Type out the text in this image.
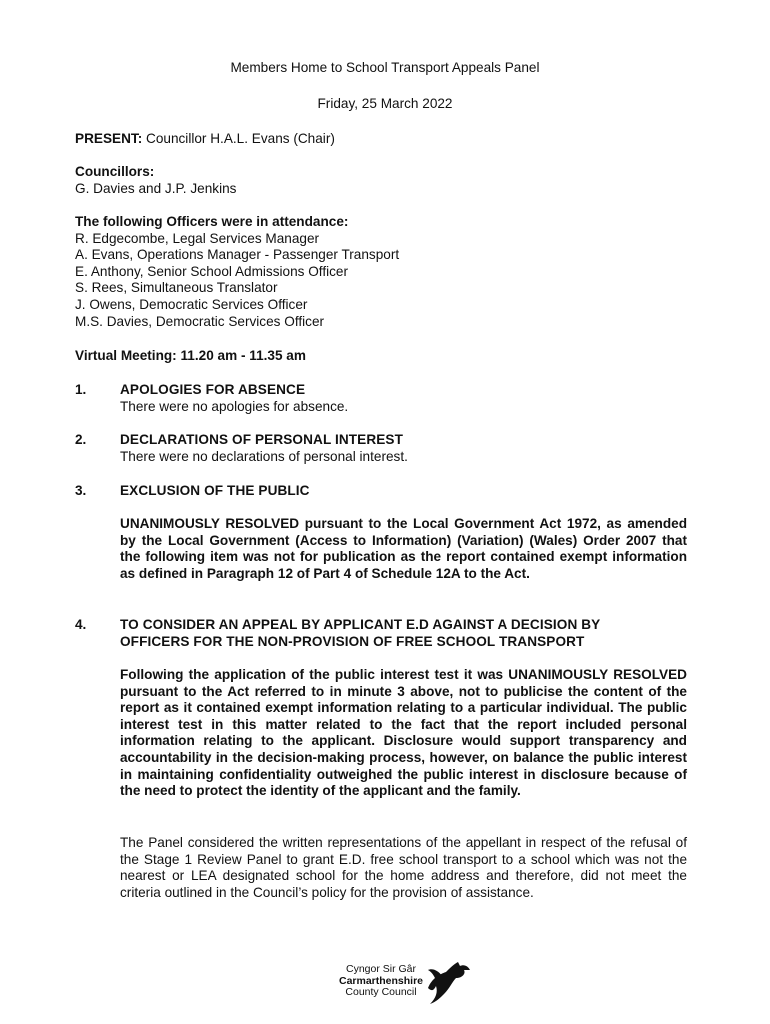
Members Home to School Transport Appeals Panel
Friday, 25 March 2022
PRESENT: Councillor H.A.L. Evans (Chair)
Councillors:
G. Davies and J.P. Jenkins
The following Officers were in attendance:
R. Edgecombe, Legal Services Manager
A. Evans, Operations Manager - Passenger Transport
E. Anthony, Senior School Admissions Officer
S. Rees, Simultaneous Translator
J. Owens, Democratic Services Officer
M.S. Davies, Democratic Services Officer
Virtual Meeting: 11.20 am - 11.35 am
1. APOLOGIES FOR ABSENCE
There were no apologies for absence.
2. DECLARATIONS OF PERSONAL INTEREST
There were no declarations of personal interest.
3. EXCLUSION OF THE PUBLIC
UNANIMOUSLY RESOLVED pursuant to the Local Government Act 1972, as amended by the Local Government (Access to Information) (Variation) (Wales) Order 2007 that the following item was not for publication as the report contained exempt information as defined in Paragraph 12 of Part 4 of Schedule 12A to the Act.
4. TO CONSIDER AN APPEAL BY APPLICANT E.D AGAINST A DECISION BY
OFFICERS FOR THE NON-PROVISION OF FREE SCHOOL TRANSPORT
Following the application of the public interest test it was UNANIMOUSLY RESOLVED pursuant to the Act referred to in minute 3 above, not to publicise the content of the report as it contained exempt information relating to a particular individual. The public interest test in this matter related to the fact that the report included personal information relating to the applicant. Disclosure would support transparency and accountability in the decision-making process, however, on balance the public interest in maintaining confidentiality outweighed the public interest in disclosure because of the need to protect the identity of the applicant and the family.
The Panel considered the written representations of the appellant in respect of the refusal of the Stage 1 Review Panel to grant E.D. free school transport to a school which was not the nearest or LEA designated school for the home address and therefore, did not meet the criteria outlined in the Council’s policy for the provision of assistance.
Cyngor Sir Gâr
Carmarthenshire
County Council
